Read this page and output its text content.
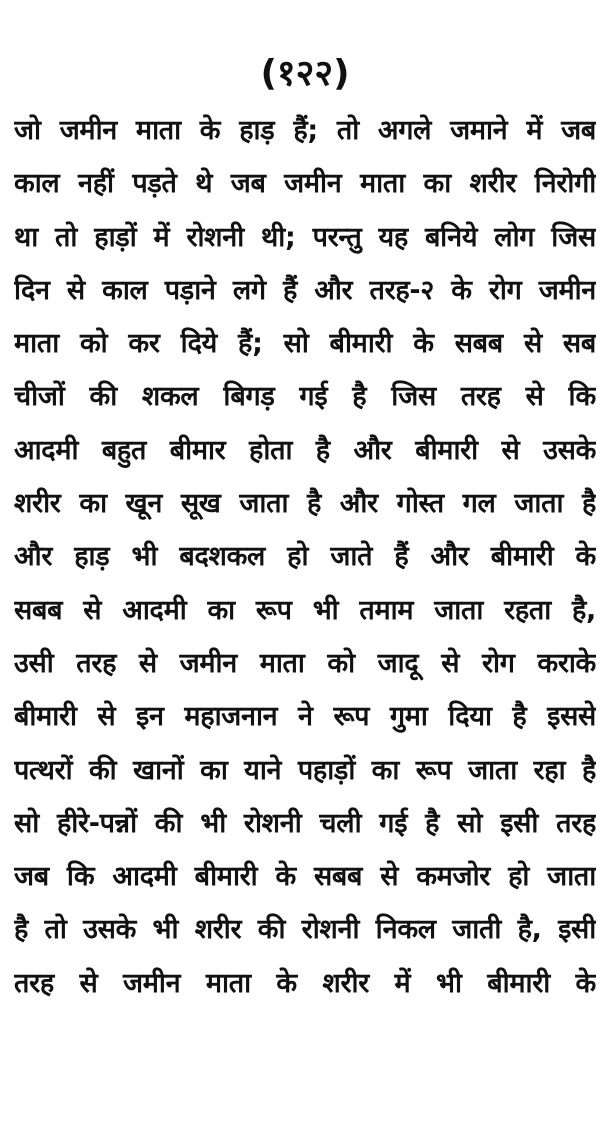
(१२२)
जो जमीन माता के हाड़ हैं; तो अगले जमाने में जब
काल नहीं पड़ते थे जब जमीन माता का शरीर निरोगी
था तो हाड़ों में रोशनी थी; परन्तु यह बनिये लोग जिस
दिन से काल पड़ाने लगे हैं और तरह-२ के रोग जमीन
माता को कर दिये हैं; सो बीमारी के सबब से सब
चीजों की शकल बिगड़ गई है जिस तरह से कि
आदमी बहुत बीमार होता है और बीमारी से उसके
शरीर का खून सूख जाता है और गोस्त गल जाता है
और हाड़ भी बदशकल हो जाते हैं और बीमारी के
सबब से आदमी का रूप भी तमाम जाता रहता है,
उसी तरह से जमीन माता को जादू से रोग कराके
बीमारी से इन महाजनान ने रूप गुमा दिया है इससे
पत्थरों की खानों का याने पहाड़ों का रूप जाता रहा है
सो हीरे-पन्नों की भी रोशनी चली गई है सो इसी तरह
जब कि आदमी बीमारी के सबब से कमजोर हो जाता
है तो उसके भी शरीर की रोशनी निकल जाती है, इसी
तरह से जमीन माता के शरीर में भी बीमारी के
